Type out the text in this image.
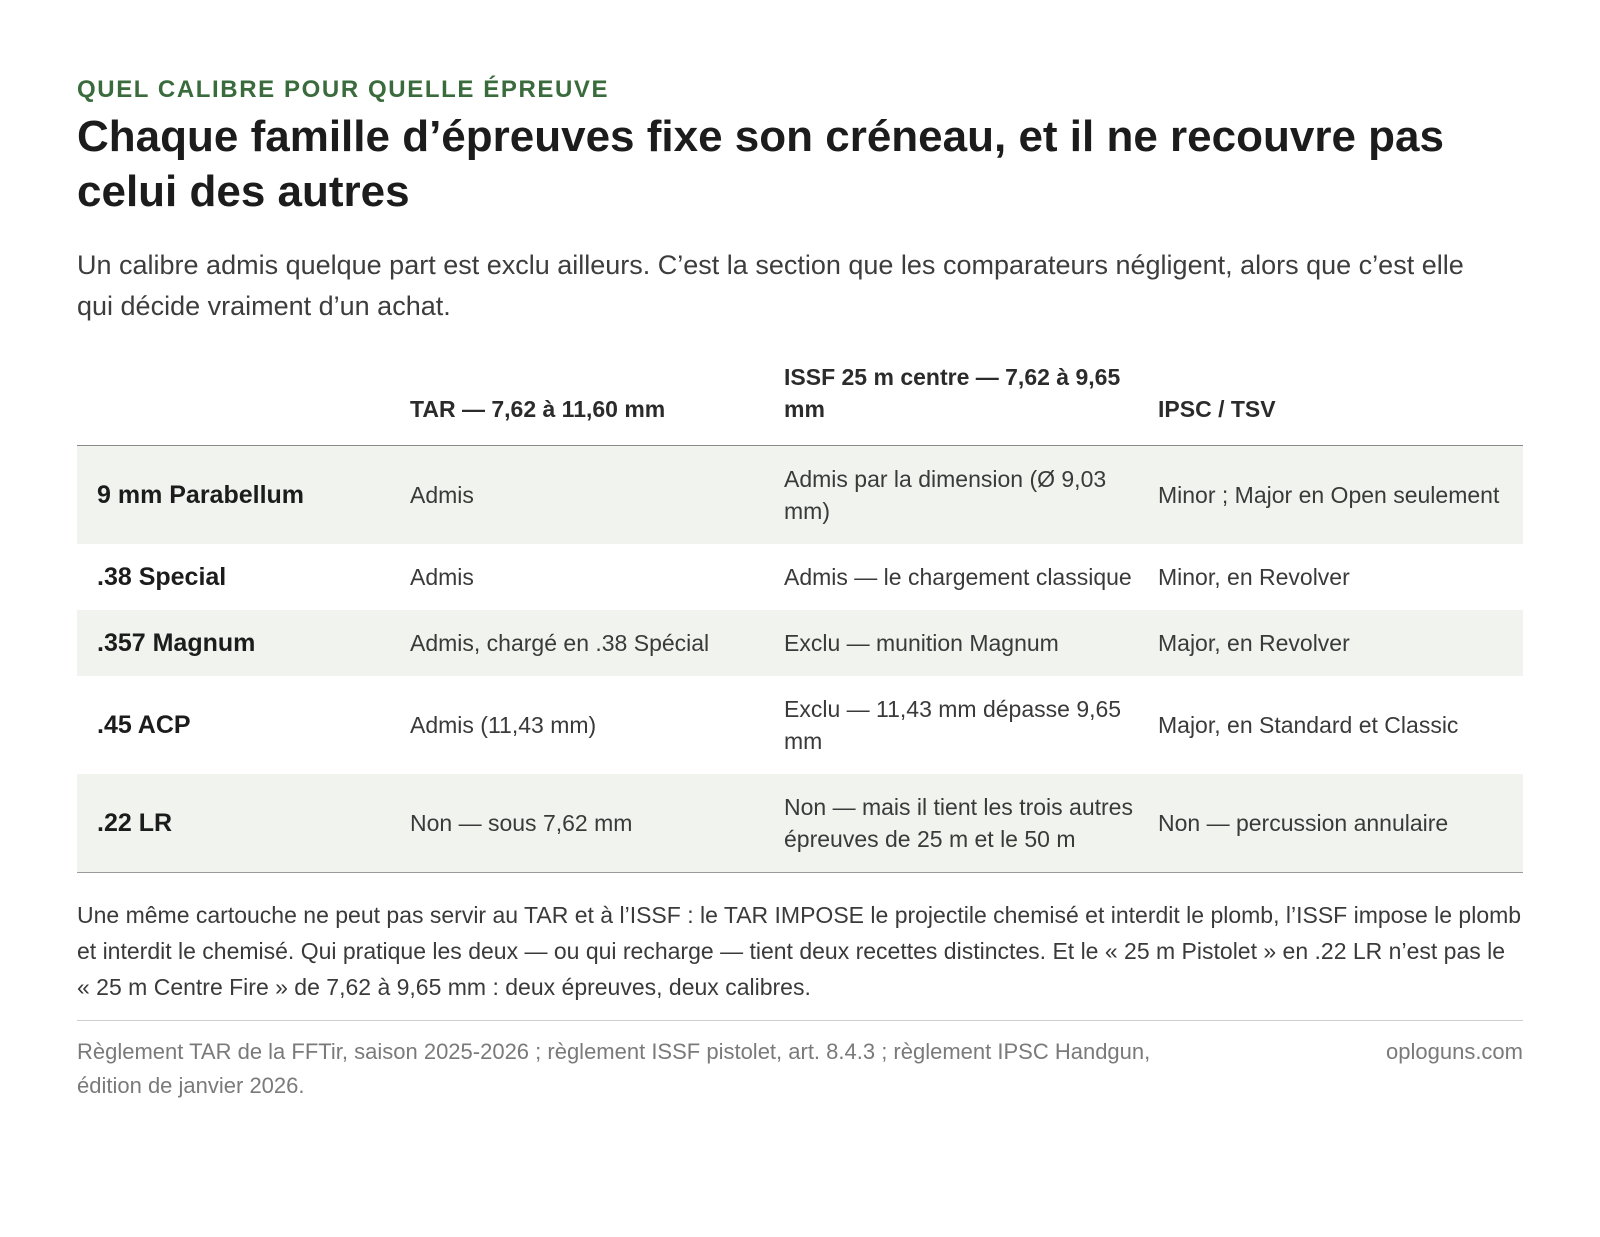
QUEL CALIBRE POUR QUELLE ÉPREUVE

Chaque famille d’épreuves fixe son créneau, et il ne recouvre pas celui des autres

Un calibre admis quelque part est exclu ailleurs. C’est la section que les comparateurs négligent, alors que c’est elle qui décide vraiment d’un achat.

	TAR — 7,62 à 11,60 mm	ISSF 25 m centre — 7,62 à 9,65 mm	IPSC / TSV
9 mm Parabellum	Admis	Admis par la dimension (Ø 9,03 mm)	Minor ; Major en Open seulement
.38 Special	Admis	Admis — le chargement classique	Minor, en Revolver
.357 Magnum	Admis, chargé en .38 Spécial	Exclu — munition Magnum	Major, en Revolver
.45 ACP	Admis (11,43 mm)	Exclu — 11,43 mm dépasse 9,65 mm	Major, en Standard et Classic
.22 LR	Non — sous 7,62 mm	Non — mais il tient les trois autres épreuves de 25 m et le 50 m	Non — percussion annulaire

Une même cartouche ne peut pas servir au TAR et à l’ISSF : le TAR IMPOSE le projectile chemisé et interdit le plomb, l’ISSF impose le plomb et interdit le chemisé. Qui pratique les deux — ou qui recharge — tient deux recettes distinctes. Et le « 25 m Pistolet » en .22 LR n’est pas le « 25 m Centre Fire » de 7,62 à 9,65 mm : deux épreuves, deux calibres.

Règlement TAR de la FFTir, saison 2025-2026 ; règlement ISSF pistolet, art. 8.4.3 ; règlement IPSC Handgun, édition de janvier 2026.

oploguns.com
